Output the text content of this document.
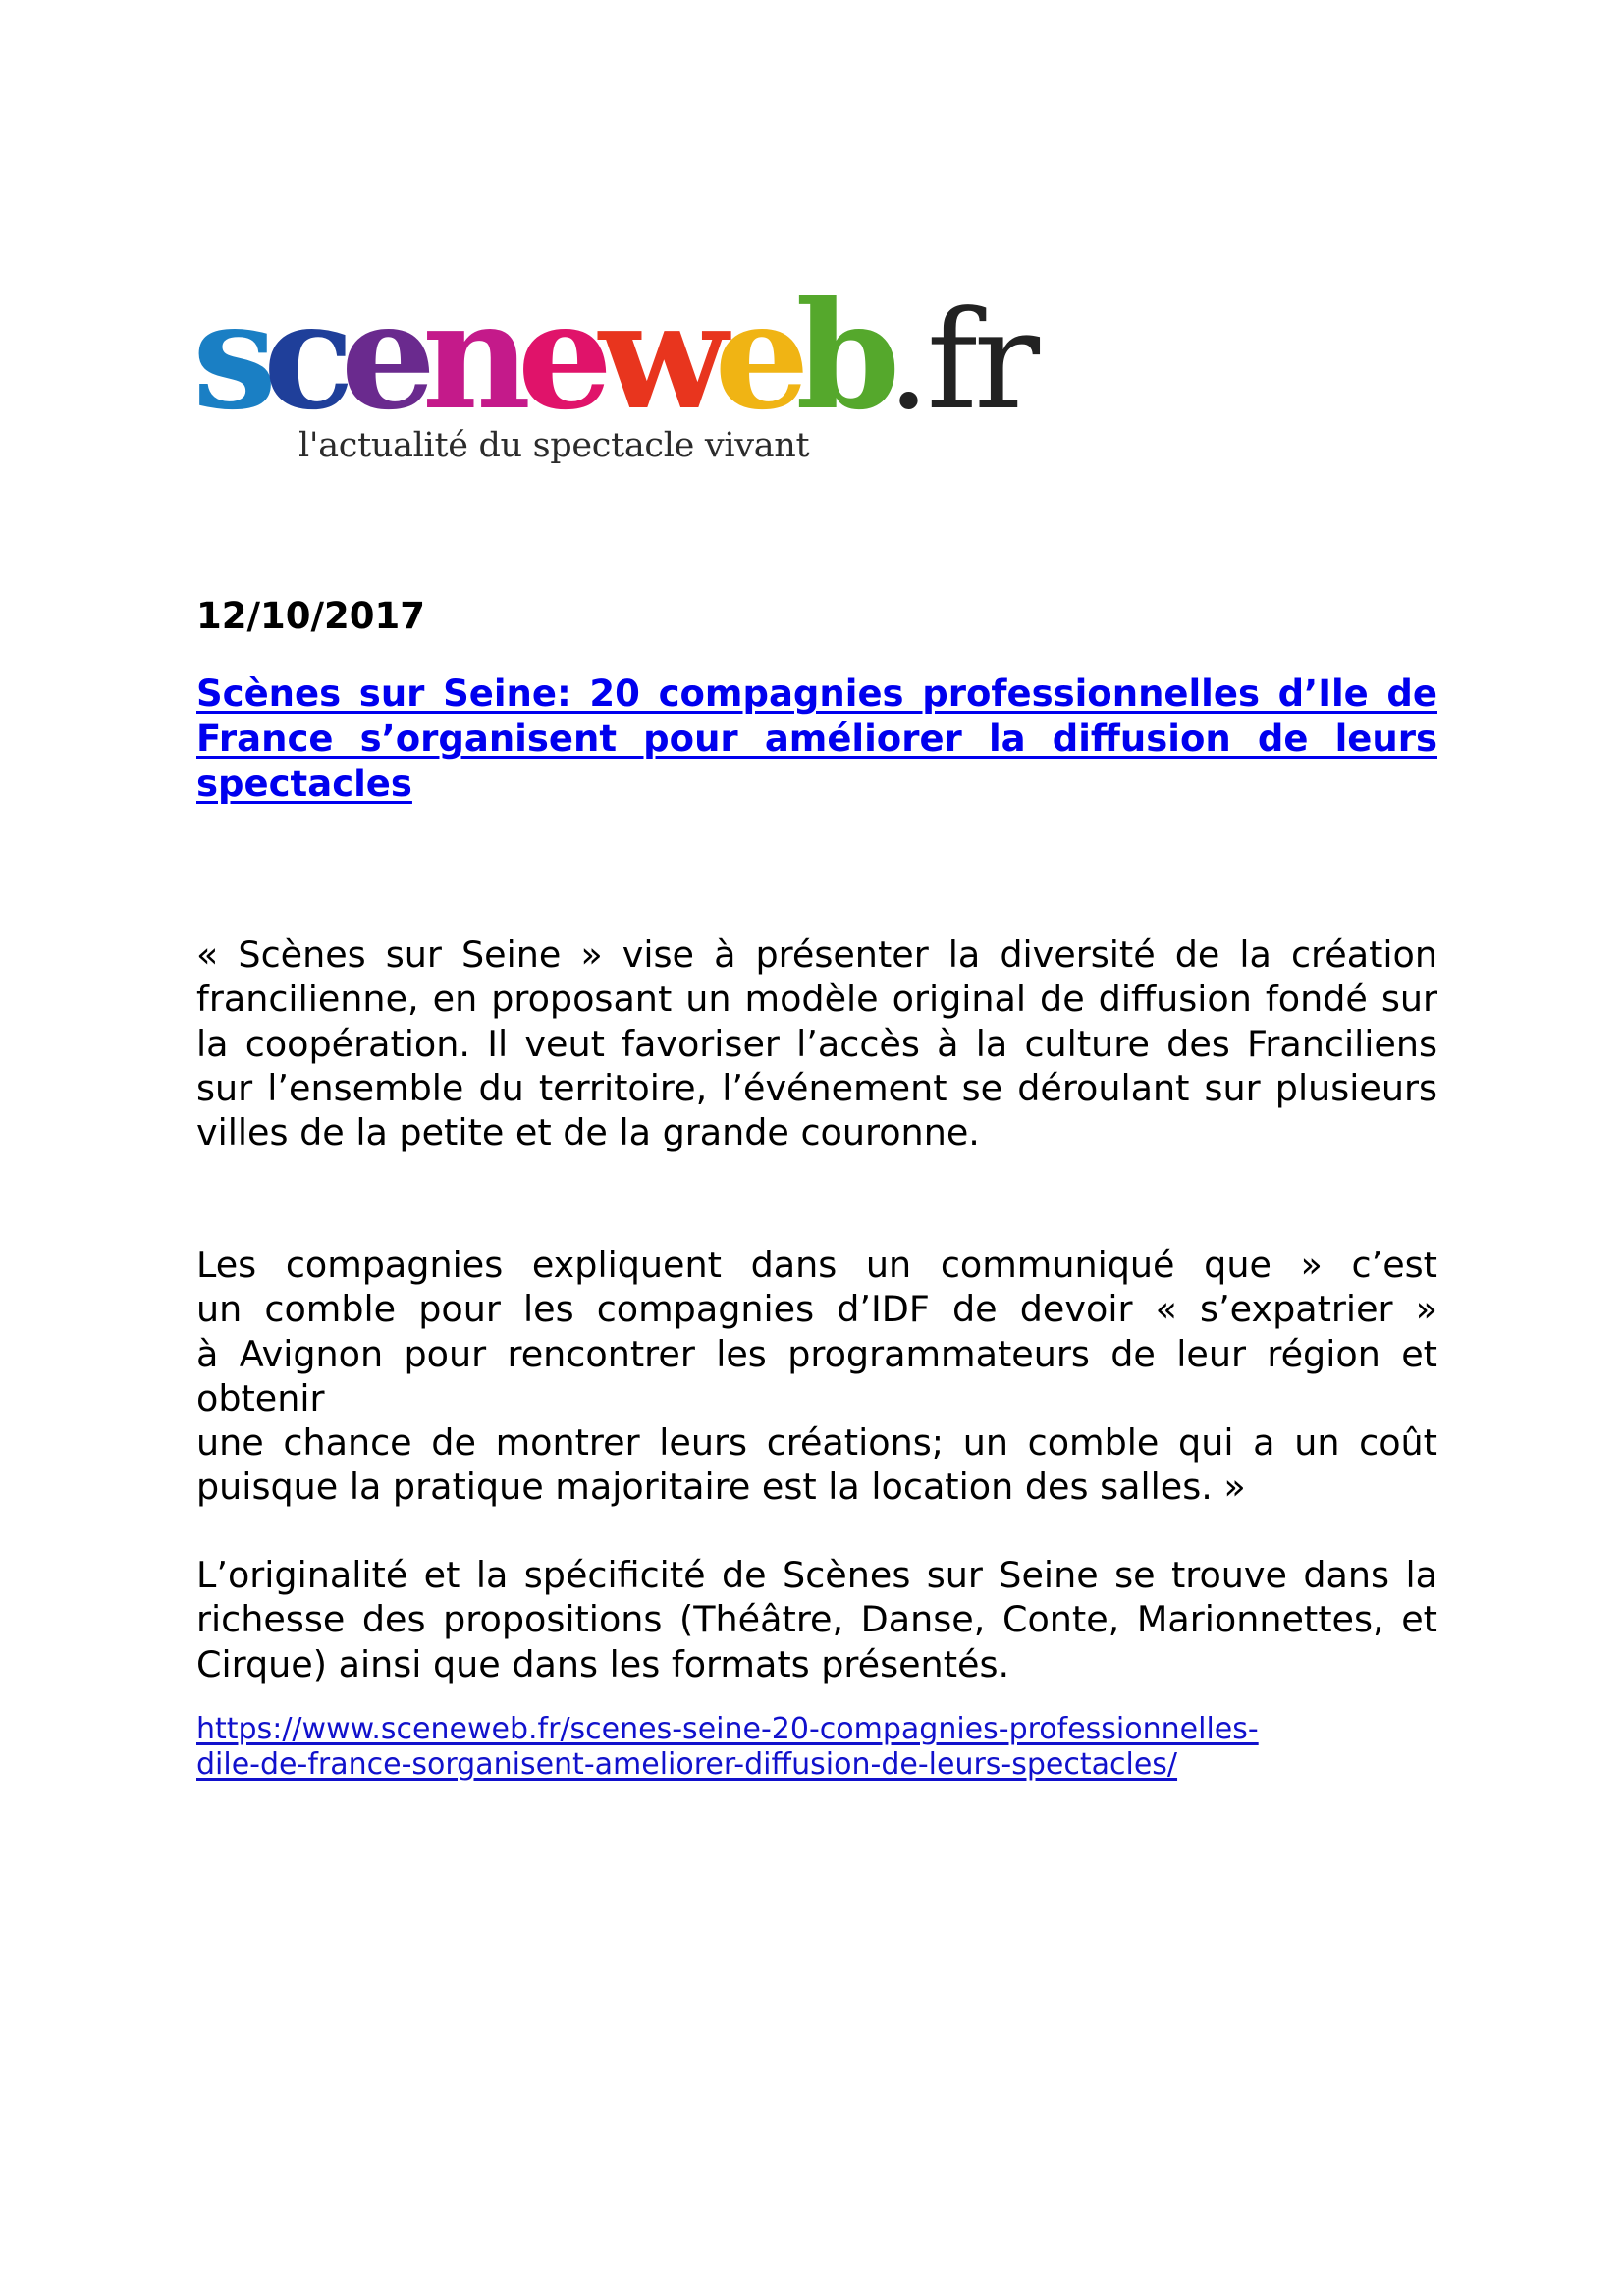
sceneweb.fr
l'actualité du spectacle vivant
12/10/2017
Scènes sur Seine: 20 compagnies professionnelles d’Ile de France s’organisent pour améliorer la diffusion de leurs spectacles

« Scènes sur Seine » vise à présenter la diversité de la création francilienne, en proposant un modèle original de diffusion fondé sur la coopération. Il veut favoriser l’accès à la culture des Franciliens sur l’ensemble du territoire, l’événement se déroulant sur plusieurs villes de la petite et de la grande couronne.

Les compagnies expliquent dans un communiqué que » c’est
un comble pour les compagnies d’IDF de devoir « s’expatrier »
à Avignon pour rencontrer les programmateurs de leur région et
obtenir
une chance de montrer leurs créations; un comble qui a un coût
puisque la pratique majoritaire est la location des salles. »

L’originalité et la spécificité de Scènes sur Seine se trouve dans la richesse des propositions (Théâtre, Danse, Conte, Marionnettes, et Cirque) ainsi que dans les formats présentés.

https://www.sceneweb.fr/scenes-seine-20-compagnies-professionnelles-
dile-de-france-sorganisent-ameliorer-diffusion-de-leurs-spectacles/
